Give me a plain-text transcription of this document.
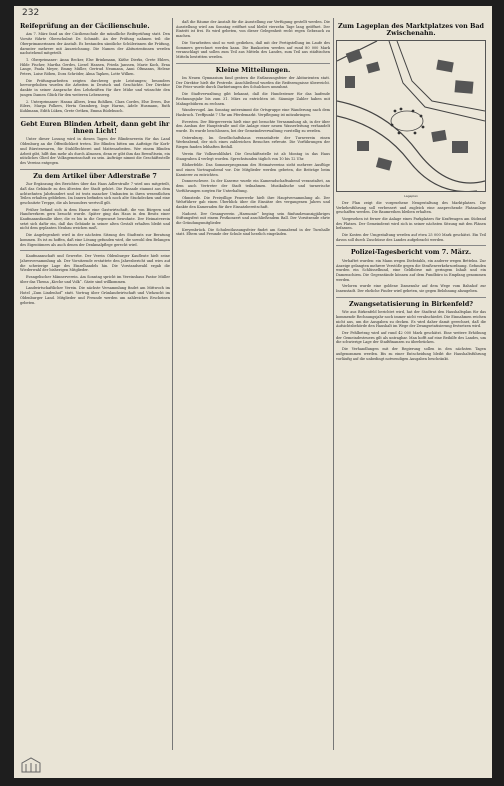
232
Reifeprüfung an der Cäcilienschule.

Am 7. März fand an der Cäcilienschule die mündliche Reifeprüfung statt. Den Vorsitz führte Oberschulrat Dr. Schmidt. An der Prüfung nahmen teil: die Oberprimanerinnen der Anstalt. Es bestanden sämtliche Schülerinnen die Prüfung, darunter mehrere mit Auszeichnung. Die Namen der Abiturientinnen werden nachstehend mitgeteilt.

1. Oberprimaner: Anna Becker, Else Brinkmann, Käthe Dierks, Grete Ehlers, Hilde Fischer, Martha Gerdes, Liesel Hansen, Frieda Janssen, Marie Koch, Erna Lange, Paula Meyer, Emmy Müller, Gertrud Neumann, Anni Oltmanns, Helene Peters, Luise Röben, Dora Schröder, Alma Tapken, Lotte Wilken.

Die Prüfungsarbeiten zeigten durchweg gute Leistungen; besonders hervorgehoben wurden die Arbeiten in Deutsch und Geschichte. Der Direktor dankte in seiner Ansprache den Lehrkräften für ihre Mühe und wünschte den jungen Damen Glück für den weiteren Lebensweg.

2. Unterprimaner: Hanna Albers, Irma Bohlken, Clara Cordes, Else Drees, Ilse Eilers, Marga Folkers, Herta Gramberg, Inge Harms, Adele Husmann, Ruth Kuhlmann, Edith Lüken, Grete Oetken, Emma Rüdebusch.

Gebt Euren Blinden Arbeit, dann gebt ihr ihnen Licht!

Unter dieser Losung wird in diesen Tagen der Blindenverein für das Land Oldenburg an die Öffentlichkeit treten. Die Blinden bitten um Aufträge für Korb- und Bürstenwaren, für Stuhlflechterei und Mattenarbeiten. Wer einem Blinden Arbeit gibt, hilft ihm mehr als durch Almosen, denn er gibt ihm das Bewußtsein, ein nützliches Glied der Volksgemeinschaft zu sein. Aufträge nimmt die Geschäftsstelle des Vereins entgegen.

Zu dem Artikel über Adlerstraße 7

Zur Ergänzung des Berichtes über das Haus Adlerstraße 7 wird uns mitgeteilt, daß das Gebäude zu den ältesten der Stadt gehört. Die Fassade stammt aus dem achtzehnten Jahrhundert und ist trotz mancher Umbauten in ihren wesentlichen Teilen erhalten geblieben. Im Innern befinden sich noch alte Stuckdecken und eine geschnitzte Treppe, die als besonders wertvoll gilt.

Früher befand sich in dem Hause eine Gastwirtschaft, die von Bürgern und Handwerkern gern besucht wurde. Später ging das Haus in den Besitz einer Kaufmannsfamilie über, die es bis in die Gegenwart bewohnte. Der Heimatverein setzt sich dafür ein, daß das Gebäude in seiner alten Gestalt erhalten bleibt und nicht dem geplanten Neubau weichen muß.

Die Angelegenheit wird in der nächsten Sitzung des Stadtrats zur Beratung kommen. Es ist zu hoffen, daß eine Lösung gefunden wird, die sowohl den Belangen des Eigentümers als auch denen der Denkmalpflege gerecht wird.

Kaufmannschaft und Gewerbe. Der Verein Oldenburger Kaufleute hielt seine Jahresversammlung ab. Der Vorsitzende erstattete den Jahresbericht und wies auf die schwierige Lage des Einzelhandels hin. Die Vorstandswahl ergab die Wiederwahl der bisherigen Mitglieder.

Evangelischer Männerverein. Am Sonntag spricht im Vereinshaus Pastor Müller über das Thema „Kirche und Volk“. Gäste sind willkommen.

Landwirtschaftlicher Verein. Die nächste Versammlung findet am Mittwoch im Hotel „Zum Lindenhof“ statt. Vortrag über Grünlandwirtschaft und Viehzucht im Oldenburger Land. Mitglieder und Freunde werden um zahlreiches Erscheinen gebeten.

daß die Räume der Anstalt für die Ausstellung zur Verfügung gestellt werden. Die Ausstellung wird am Sonntag eröffnet und bleibt vierzehn Tage lang geöffnet. Der Eintritt ist frei. Es wird gebeten, von dieser Gelegenheit recht regen Gebrauch zu machen.

Die Vorarbeiten sind so weit gediehen, daß mit der Fertigstellung im Laufe des Sommers gerechnet werden kann. Die Baukosten werden auf rund 80 000 Mark veranschlagt und sollen zum Teil aus Mitteln des Landes, zum Teil aus städtischen Mitteln bestritten werden.

Kleine Mitteilungen.

Im Neuen Gymnasium fand gestern die Entlassungsfeier der Abiturienten statt. Der Direktor hielt die Festrede. Anschließend wurden die Reifezeugnisse überreicht. Die Feier wurde durch Darbietungen des Schulchors umrahmt.

Die Stadtverwaltung gibt bekannt, daß die Hundesteuer für das laufende Rechnungsjahr bis zum 31. März zu entrichten ist. Säumige Zahler haben mit Mahngebühren zu rechnen.

Wandervogel. Am Sonntag unternimmt die Ortsgruppe eine Wanderung nach dem Hasbruch. Treffpunkt 7 Uhr am Pferdemarkt. Verpflegung ist mitzubringen.

Eversten. Der Bürgerverein hielt eine gut besuchte Versammlung ab, in der über den Ausbau der Hauptstraße und die Anlage einer neuen Wasserleitung verhandelt wurde. Es wurde beschlossen, bei der Gemeindeverwaltung vorstellig zu werden.

Osternburg. Im Gesellschaftshaus veranstaltete der Turnverein einen Werbeabend, der sich eines zahlreichen Besuches erfreute. Die Vorführungen der Riegen fanden lebhaften Beifall.

Verein für Volkswohlfahrt. Die Geschäftsstelle ist ab Montag in das Haus Staugraben 4 verlegt worden. Sprechstunden täglich von 10 bis 12 Uhr.

Bloherfelde. Das Sommerprogramm des Heimatvereins sieht mehrere Ausflüge und einen Vortragsabend vor. Die Mitglieder werden gebeten, die Beiträge beim Kassierer zu entrichten.

Donnerschwee. In der Kaserne wurde ein Kameradschaftsabend veranstaltet, an dem auch Vertreter der Stadt teilnahmen. Musikalische und turnerische Vorführungen sorgten für Unterhaltung.

Ohmstede. Die Freiwillige Feuerwehr hielt ihre Hauptversammlung ab. Der Wehrführer gab einen Überblick über die Einsätze des vergangenen Jahres und dankte den Kameraden für ihre Einsatzbereitschaft.

Nadorst. Der Gesangverein „Harmonie“ beging sein fünfundzwanzigjähriges Stiftungsfest mit einem Festkonzert und anschließendem Ball. Der Vorsitzende ehrte die Gründungsmitglieder.

Kreyenbrück. Die Schulentlassungsfeier findet am Sonnabend in der Turnhalle statt. Eltern und Freunde der Schule sind herzlich eingeladen.

Zum Lageplan des Marktplatzes von Bad Zwischenahn.
Lageplan

Der Plan zeigt die vorgesehene Neugestaltung des Marktplatzes. Die Verkehrsführung soll verbessert und zugleich eine ansprechende Platzanlage geschaffen werden. Die Baumreihen bleiben erhalten.

Vorgesehen ist ferner die Anlage eines Parkplatzes für Kraftwagen am Südrand des Platzes. Der Gemeinderat wird sich in seiner nächsten Sitzung mit den Plänen befassen.

Die Kosten der Umgestaltung werden auf etwa 25 000 Mark geschätzt. Ein Teil davon soll durch Zuschüsse des Landes aufgebracht werden.

Polizei-Tagesbericht vom 7. März.

Verhaftet wurden: ein Mann wegen Diebstahls, ein anderer wegen Bettelns. Zur Anzeige gelangten mehrere Verstöße gegen die Straßenverkehrsordnung. Gefunden wurden ein Schlüsselbund, eine Geldbörse mit geringem Inhalt und ein Damenschirm. Die Gegenstände können auf dem Fundbüro in Empfang genommen werden.

Verloren wurde eine goldene Damenuhr auf dem Wege vom Bahnhof zur Innenstadt. Der ehrliche Finder wird gebeten, sie gegen Belohnung abzugeben.

Zwangsetatisierung in Birkenfeld?

Wie aus Birkenfeld berichtet wird, hat der Stadtrat den Haushaltsplan für das kommende Rechnungsjahr noch immer nicht verabschiedet. Die Einnahmen reichen nicht aus, um die Ausgaben zu decken. Es wird daher damit gerechnet, daß die Aufsichtsbehörde den Haushalt im Wege der Zwangsetatisierung festsetzen wird.

Der Fehlbetrag wird auf rund 42 000 Mark geschätzt. Eine weitere Erhöhung der Gemeindesteuern gilt als untragbar. Man hofft auf eine Beihilfe des Landes, um die schwierige Lage der Stadtfinanzen zu überbrücken.

Die Verhandlungen mit der Regierung sollen in den nächsten Tagen aufgenommen werden. Bis zu einer Entscheidung bleibt die Haushaltsführung vorläufig auf die unbedingt notwendigen Ausgaben beschränkt.
